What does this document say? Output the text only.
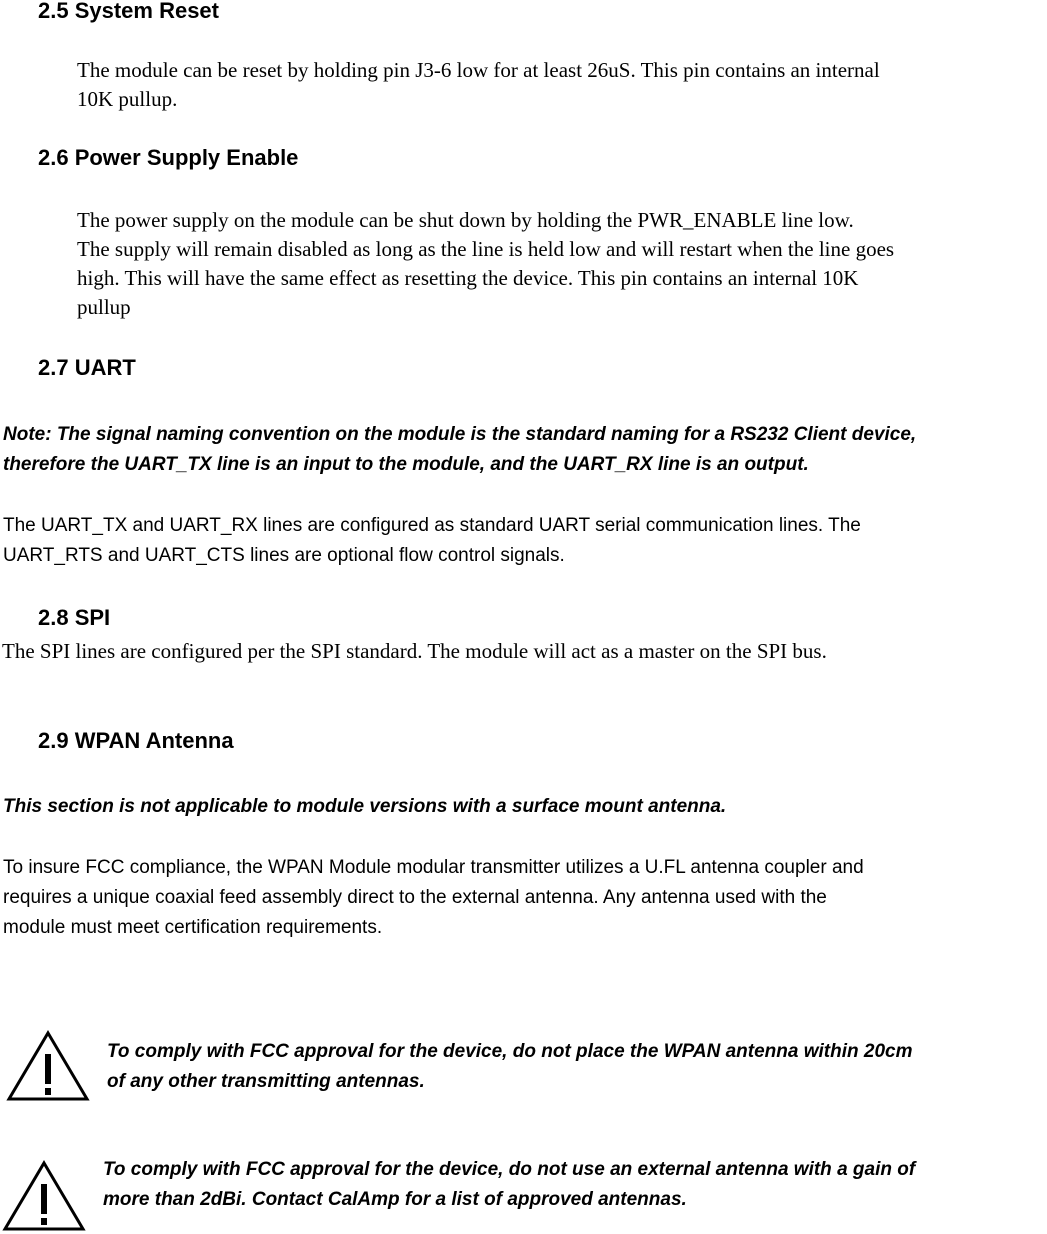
2.5 System Reset
The module can be reset by holding pin J3-6 low for at least 26uS. This pin contains an internal
10K pullup.
2.6 Power Supply Enable
The power supply on the module can be shut down by holding the PWR_ENABLE line low.
The supply will remain disabled as long as the line is held low and will restart when the line goes
high. This will have the same effect as resetting the device. This pin contains an internal 10K
pullup
2.7 UART
Note: The signal naming convention on the module is the standard naming for a RS232 Client device,
therefore the UART_TX line is an input to the module, and the UART_RX line is an output.
The UART_TX and UART_RX lines are configured as standard UART serial communication lines. The
UART_RTS and UART_CTS lines are optional flow control signals.
2.8 SPI
The SPI lines are configured per the SPI standard. The module will act as a master on the SPI bus.
2.9 WPAN Antenna
This section is not applicable to module versions with a surface mount antenna.
To insure FCC compliance, the WPAN Module modular transmitter utilizes a U.FL antenna coupler and
requires a unique coaxial feed assembly direct to the external antenna. Any antenna used with the
module must meet certification requirements.
To comply with FCC approval for the device, do not place the WPAN antenna within 20cm
of any other transmitting antennas.
To comply with FCC approval for the device, do not use an external antenna with a gain of
more than 2dBi. Contact CalAmp for a list of approved antennas.
